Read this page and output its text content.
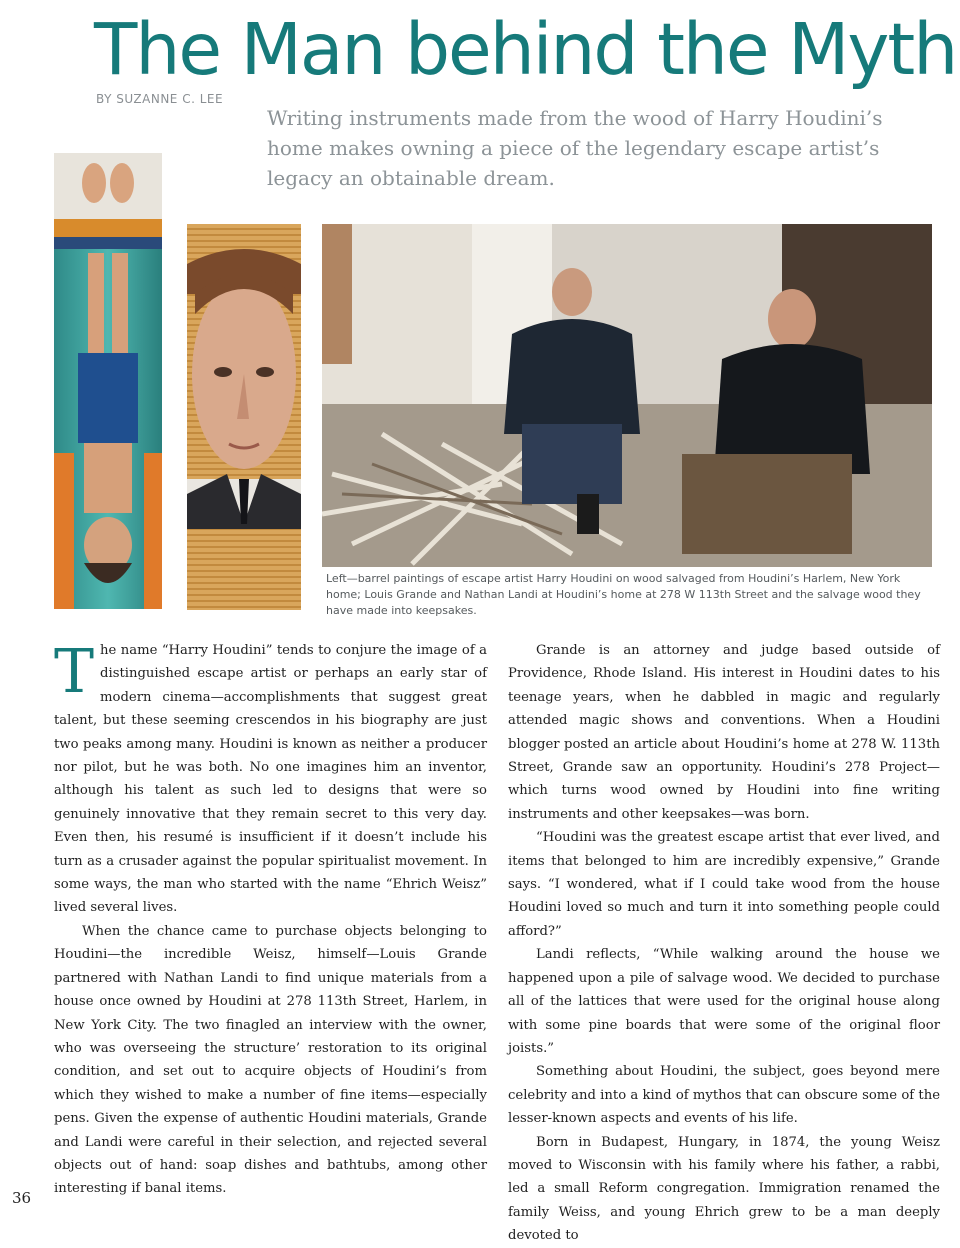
The Man behind the Myth
BY SUZANNE C. LEE
Writing instruments made from the wood of Harry Houdini’s home makes owning a piece of the legendary escape artist’s legacy an obtainable dream.
Left—barrel paintings of escape artist Harry Houdini on wood salvaged from Houdini’s Harlem, New York home; Louis Grande and Nathan Landi at Houdini’s home at 278 W 113th Street and the salvage wood they have made into keepsakes.

The name “Harry Houdini” tends to conjure the image of a distinguished escape artist or perhaps an early star of modern cinema—accomplishments that suggest great talent, but these seeming crescendos in his biography are just two peaks among many. Houdini is known as neither a producer nor pilot, but he was both. No one imagines him an inventor, although his talent as such led to designs that were so genuinely innovative that they remain secret to this very day. Even then, his resumé is insufficient if it doesn’t include his turn as a crusader against the popular spiritualist movement. In some ways, the man who started with the name “Ehrich Weisz” lived several lives.

When the chance came to purchase objects belonging to Houdini—the incredible Weisz, himself—Louis Grande partnered with Nathan Landi to find unique materials from a house once owned by Houdini at 278 113th Street, Harlem, in New York City. The two finagled an interview with the owner, who was overseeing the structure’ restoration to its original condition, and set out to acquire objects of Houdini’s from which they wished to make a number of fine items—especially pens. Given the expense of authentic Houdini materials, Grande and Landi were careful in their selection, and rejected several objects out of hand: soap dishes and bathtubs, among other interesting if banal items.

Grande is an attorney and judge based outside of Providence, Rhode Island. His interest in Houdini dates to his teenage years, when he dabbled in magic and regularly attended magic shows and conventions. When a Houdini blogger posted an article about Houdini’s home at 278 W. 113th Street, Grande saw an opportunity. Houdini’s 278 Project—which turns wood owned by Houdini into fine writing instruments and other keepsakes—was born.

“Houdini was the greatest escape artist that ever lived, and items that belonged to him are incredibly expensive,” Grande says. “I wondered, what if I could take wood from the house Houdini loved so much and turn it into something people could afford?”

Landi reflects, “While walking around the house we happened upon a pile of salvage wood. We decided to purchase all of the lattices that were used for the original house along with some pine boards that were some of the original floor joists.”

Something about Houdini, the subject, goes beyond mere celebrity and into a kind of mythos that can obscure some of the lesser-known aspects and events of his life.

Born in Budapest, Hungary, in 1874, the young Weisz moved to Wisconsin with his family where his father, a rabbi, led a small Reform congregation. Immigration renamed the family Weiss, and young Ehrich grew to be a man deeply devoted to

36
